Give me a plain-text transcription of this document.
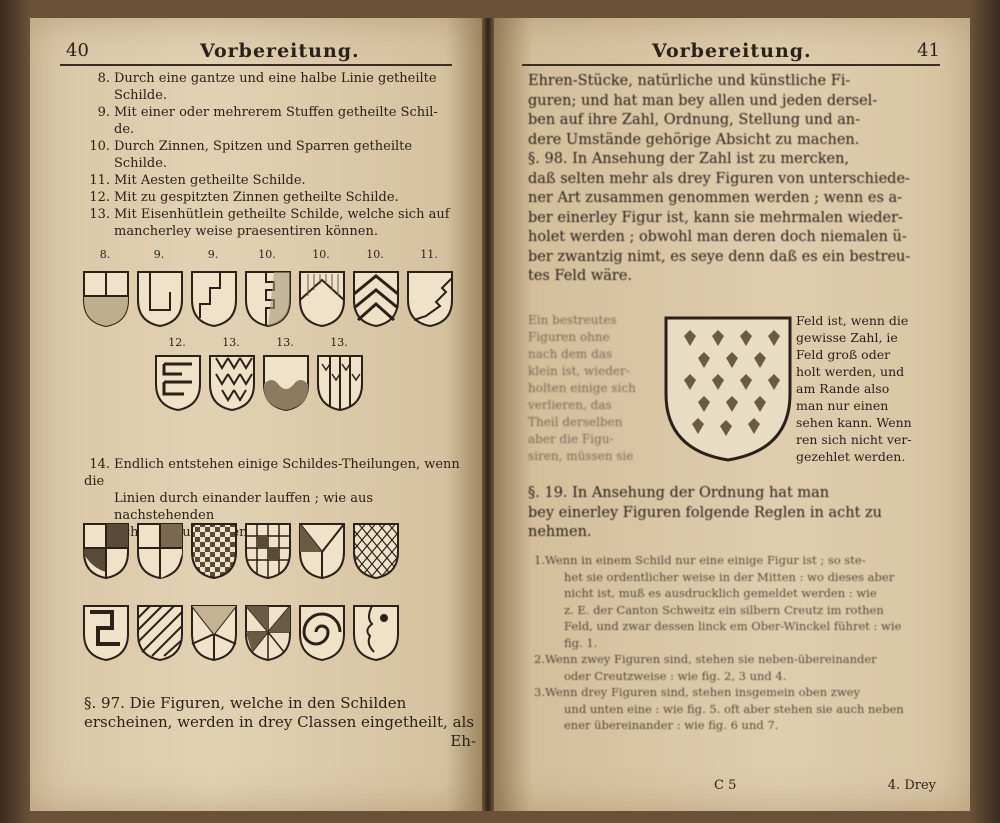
40	Vorbereitung.

8. Durch eine gantze und eine halbe Linie getheilte

Schilde.

9. Mit einer oder mehrerem Stuffen getheilte Schil-

de.

10. Durch Zinnen, Spitzen und Sparren getheilte

Schilde.

11. Mit Aesten getheilte Schilde.

12. Mit zu gespitzten Zinnen getheilte Schilde.

13. Mit Eisenhütlein getheilte Schilde, welche sich auf

mancherley weise praesentiren können.

8.	9.	9.	10.	10.	10.	11.
12.	13.	13.	13.

14. Endlich entstehen einige Schildes-Theilungen, wenn die

Linien durch einander lauffen ; wie aus nachstehenden

zu

§. 97. Die Figuren, welche in den Schilden
erscheinen, werden in drey Classen eingetheilt, als
Eh-
Vorbereitung.	41
Ehren-Stücke, natürliche und künstliche Fi-
guren; und hat man bey allen und jeden dersel-
ben auf ihre Zahl, Ordnung, Stellung und an-
dere Umstände gehörige Absicht zu machen.
§. 98. In Ansehung der Zahl ist zu mercken,
daß selten mehr als drey Figuren von unterschiede-
ner Art zusammen genommen werden ; wenn es a-
ber einerley Figur ist, kann sie mehrmalen wieder-
holet werden ; obwohl man deren doch niemalen ü-
ber zwantzig nimt, es seye denn daß es ein bestreu-
tes Feld wäre.
Ein bestreutes
Figuren ohne
nach dem das
klein ist, wieder-
holten einige sich
verlieren, das
Theil derselben
aber die Figu-
siren, müssen sie
Feld ist, wenn die
gewisse Zahl, ie
Feld groß oder
holt werden, und
am Rande also
man nur einen
sehen kann. Wenn
ren sich nicht ver-
gezehlet werden.
§. 19. In Ansehung der Ordnung hat man
bey einerley Figuren folgende Reglen in acht zu
nehmen.
1.Wenn in einem Schild nur eine einige Figur ist ; so ste-
het sie ordentlicher weise in der Mitten : wo dieses aber
nicht ist, muß es ausdrucklich gemeldet werden : wie
z. E. der Canton Schweitz ein silbern Creutz im rothen
Feld, und zwar dessen linck em Ober-Winckel führet : wie
fig. 1.
2.Wenn zwey Figuren sind, stehen sie neben-übereinander
oder Creutzweise : wie fig. 2, 3 und 4.
3.Wenn drey Figuren sind, stehen insgemein oben zwey
und unten eine : wie fig. 5. oft aber stehen sie auch neben
ener übereinander : wie fig. 6 und 7.
C 5	4. Drey
